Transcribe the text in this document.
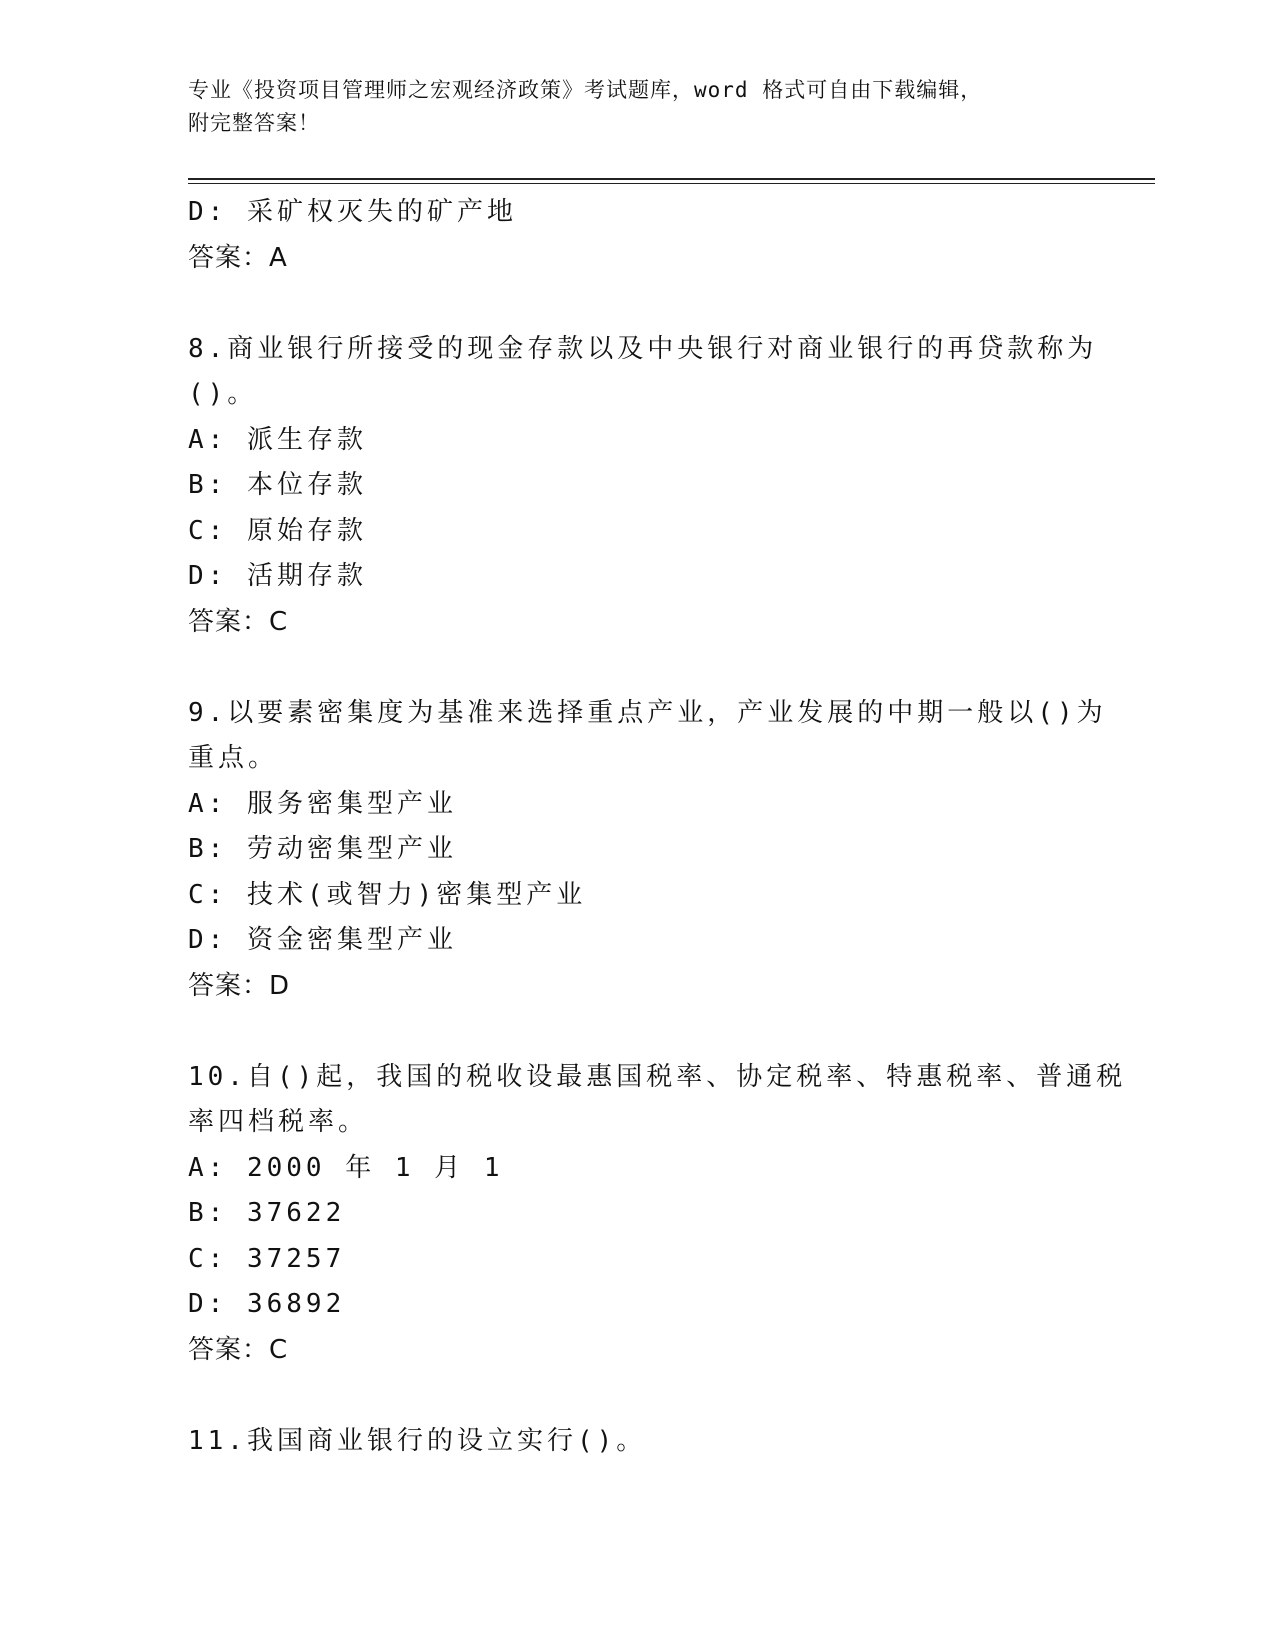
专业《投资项目管理师之宏观经济政策》考试题库，word 格式可自由下载编辑，
附完整答案！
D: 采矿权灭失的矿产地
答案：A
8.商业银行所接受的现金存款以及中央银行对商业银行的再贷款称为
()。
A: 派生存款
B: 本位存款
C: 原始存款
D: 活期存款
答案：C
9.以要素密集度为基准来选择重点产业，产业发展的中期一般以()为
重点。
A: 服务密集型产业
B: 劳动密集型产业
C: 技术(或智力)密集型产业
D: 资金密集型产业
答案：D
10.自()起，我国的税收设最惠国税率、协定税率、特惠税率、普通税
率四档税率。
A: 2000 年 1 月 1
B: 37622
C: 37257
D: 36892
答案：C
11.我国商业银行的设立实行()。
